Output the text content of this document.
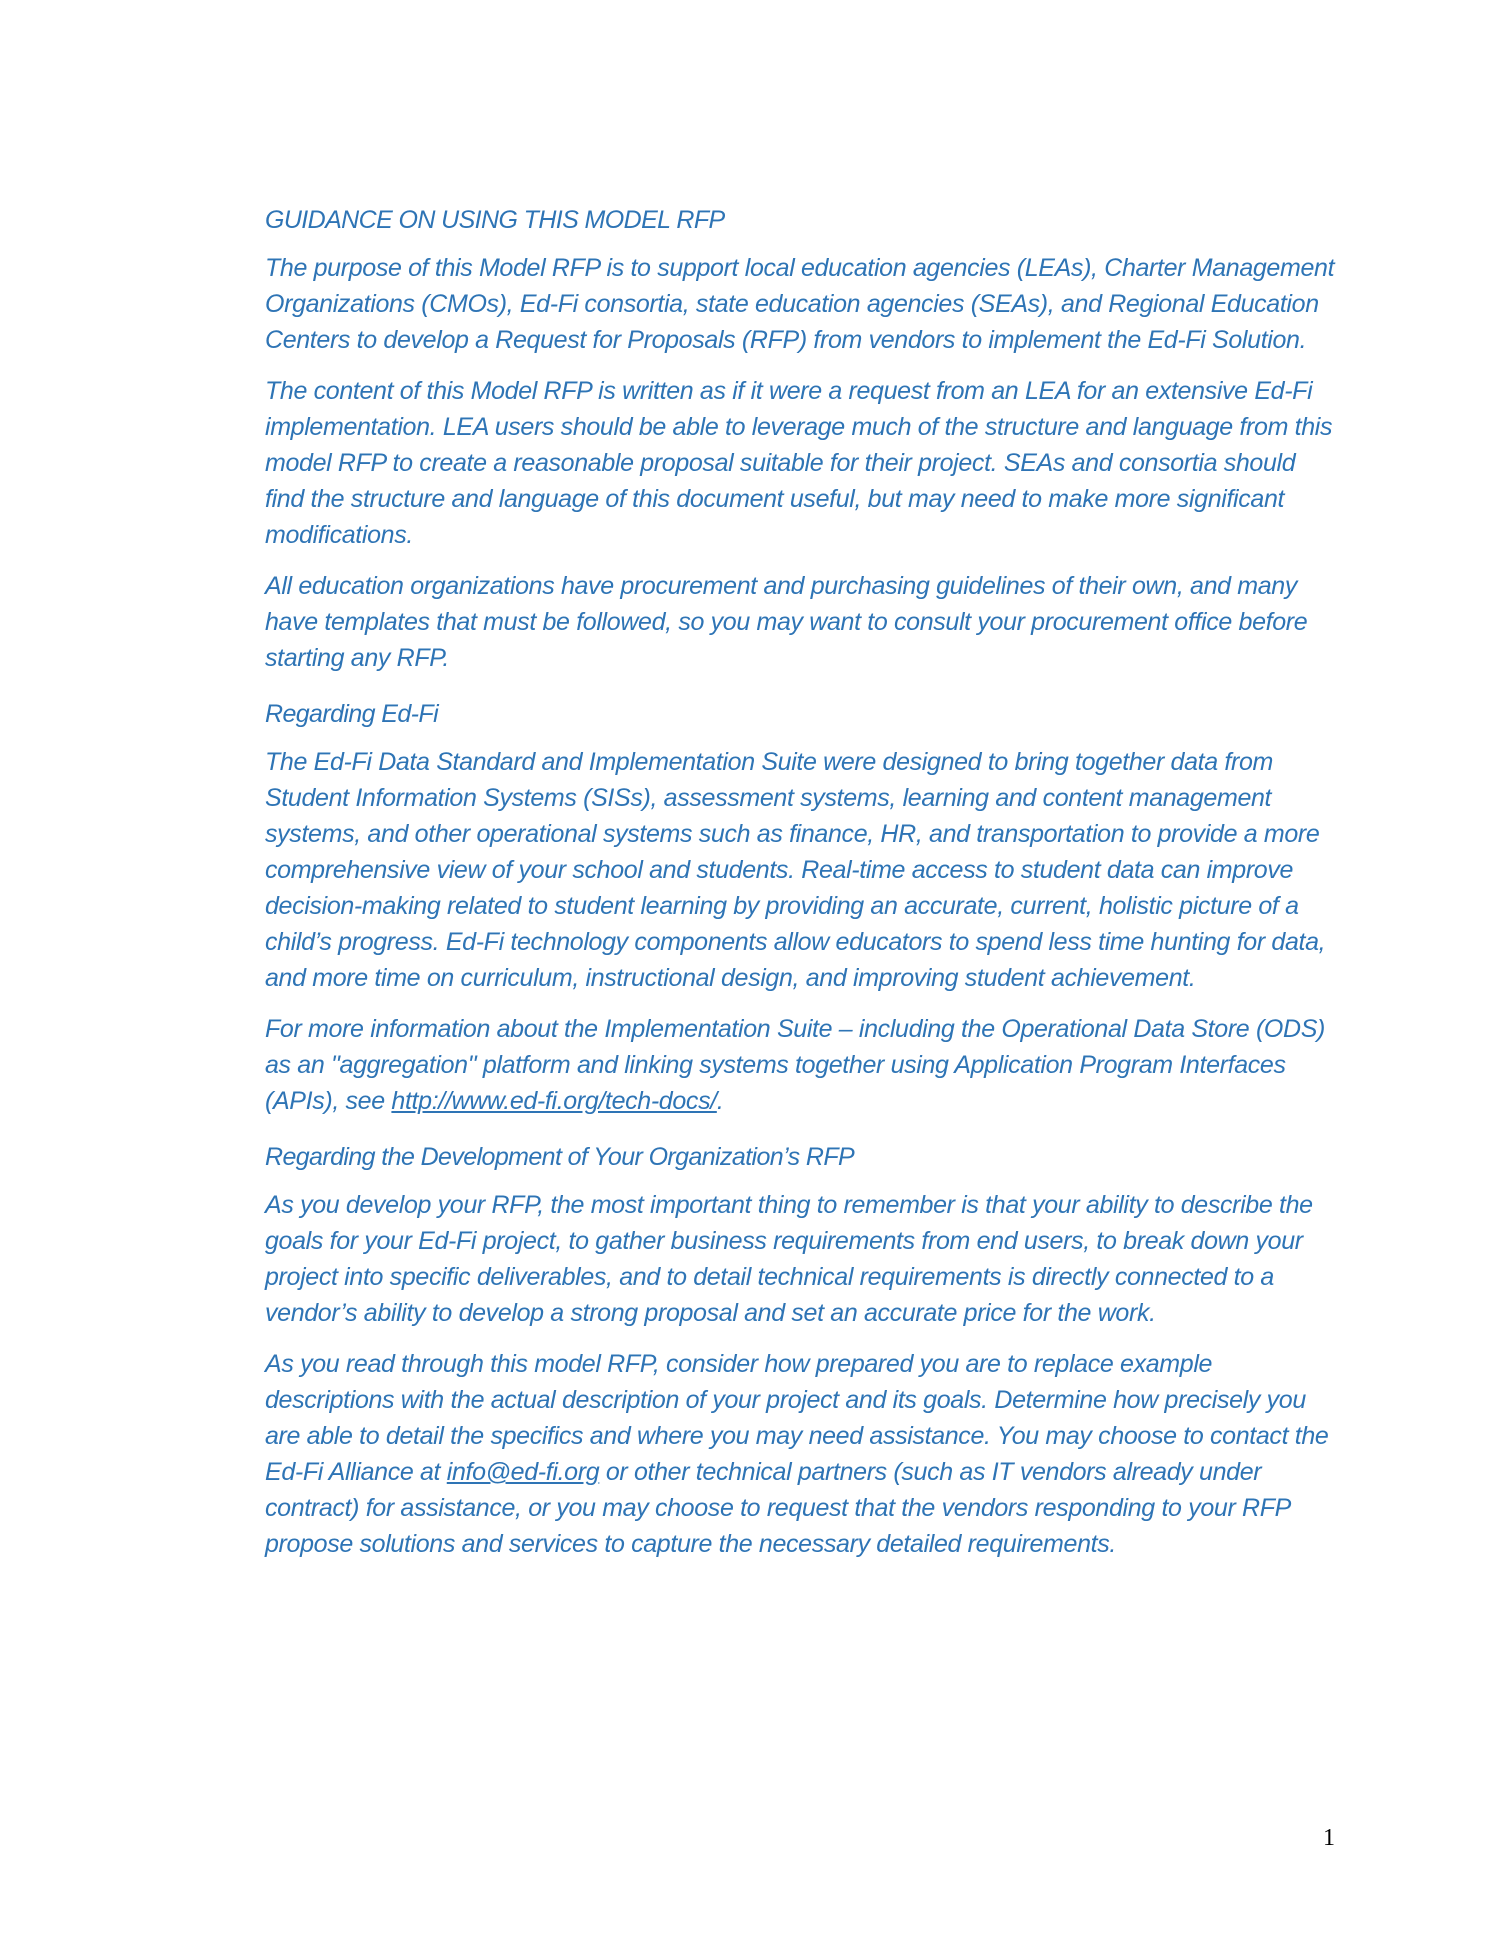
GUIDANCE ON USING THIS MODEL RFP

The purpose of this Model RFP is to support local education agencies (LEAs), Charter Management Organizations (CMOs), Ed-Fi consortia, state education agencies (SEAs), and Regional Education Centers to develop a Request for Proposals (RFP) from vendors to implement the Ed-Fi Solution.

The content of this Model RFP is written as if it were a request from an LEA for an extensive Ed-Fi implementation. LEA users should be able to leverage much of the structure and language from this model RFP to create a reasonable proposal suitable for their project. SEAs and consortia should find the structure and language of this document useful, but may need to make more significant modifications.

All education organizations have procurement and purchasing guidelines of their own, and many have templates that must be followed, so you may want to consult your procurement office before starting any RFP.

Regarding Ed-Fi

The Ed-Fi Data Standard and Implementation Suite were designed to bring together data from Student Information Systems (SISs), assessment systems, learning and content management systems, and other operational systems such as finance, HR, and transportation to provide a more comprehensive view of your school and students. Real-time access to student data can improve decision-making related to student learning by providing an accurate, current, holistic picture of a child’s progress. Ed-Fi technology components allow educators to spend less time hunting for data, and more time on curriculum, instructional design, and improving student achievement.

For more information about the Implementation Suite – including the Operational Data Store (ODS) as an "aggregation" platform and linking systems together using Application Program Interfaces (APIs), see http://www.ed-fi.org/tech-docs/.

Regarding the Development of Your Organization’s RFP

As you develop your RFP, the most important thing to remember is that your ability to describe the goals for your Ed-Fi project, to gather business requirements from end users, to break down your project into specific deliverables, and to detail technical requirements is directly connected to a vendor’s ability to develop a strong proposal and set an accurate price for the work.

As you read through this model RFP, consider how prepared you are to replace example descriptions with the actual description of your project and its goals. Determine how precisely you are able to detail the specifics and where you may need assistance. You may choose to contact the Ed-Fi Alliance at info@ed-fi.org or other technical partners (such as IT vendors already under contract) for assistance, or you may choose to request that the vendors responding to your RFP propose solutions and services to capture the necessary detailed requirements.

1
